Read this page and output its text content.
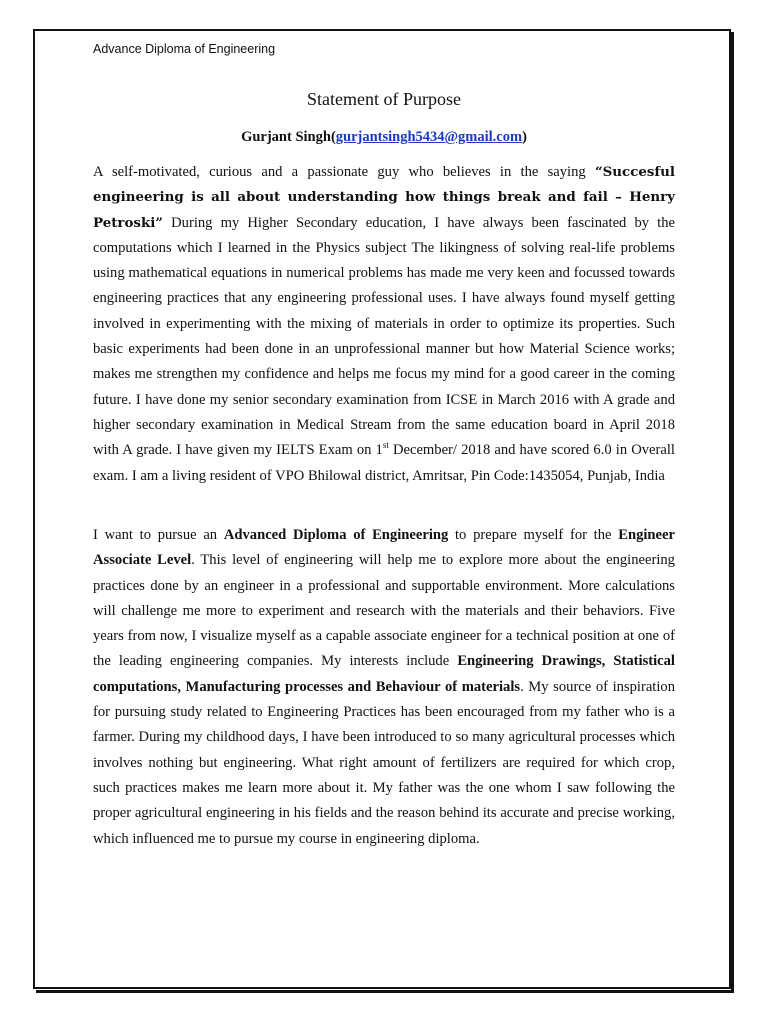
Advance Diploma of Engineering
Statement of Purpose
Gurjant Singh(gurjantsingh5434@gmail.com)
A self-motivated, curious and a passionate guy who believes in the saying “Succesful engineering is all about understanding how things break and fail – Henry Petroski” During my Higher Secondary education, I have always been fascinated by the computations which I learned in the Physics subject The likingness of solving real-life problems using mathematical equations in numerical problems has made me very keen and focussed towards engineering practices that any engineering professional uses. I have always found myself getting involved in experimenting with the mixing of materials in order to optimize its properties. Such basic experiments had been done in an unprofessional manner but how Material Science works; makes me strengthen my confidence and helps me focus my mind for a good career in the coming future. I have done my senior secondary examination from ICSE in March 2016 with A grade and higher secondary examination in Medical Stream from the same education board in April 2018 with A grade. I have given my IELTS Exam on 1st December/ 2018 and have scored 6.0 in Overall exam. I am a living resident of VPO Bhilowal district, Amritsar, Pin Code:1435054, Punjab, India
I want to pursue an Advanced Diploma of Engineering to prepare myself for the Engineer Associate Level. This level of engineering will help me to explore more about the engineering practices done by an engineer in a professional and supportable environment. More calculations will challenge me more to experiment and research with the materials and their behaviors. Five years from now, I visualize myself as a capable associate engineer for a technical position at one of the leading engineering companies. My interests include Engineering Drawings, Statistical computations, Manufacturing processes and Behaviour of materials. My source of inspiration for pursuing study related to Engineering Practices has been encouraged from my father who is a farmer. During my childhood days, I have been introduced to so many agricultural processes which involves nothing but engineering. What right amount of fertilizers are required for which crop, such practices makes me learn more about it. My father was the one whom I saw following the proper agricultural engineering in his fields and the reason behind its accurate and precise working, which influenced me to pursue my course in engineering diploma.
